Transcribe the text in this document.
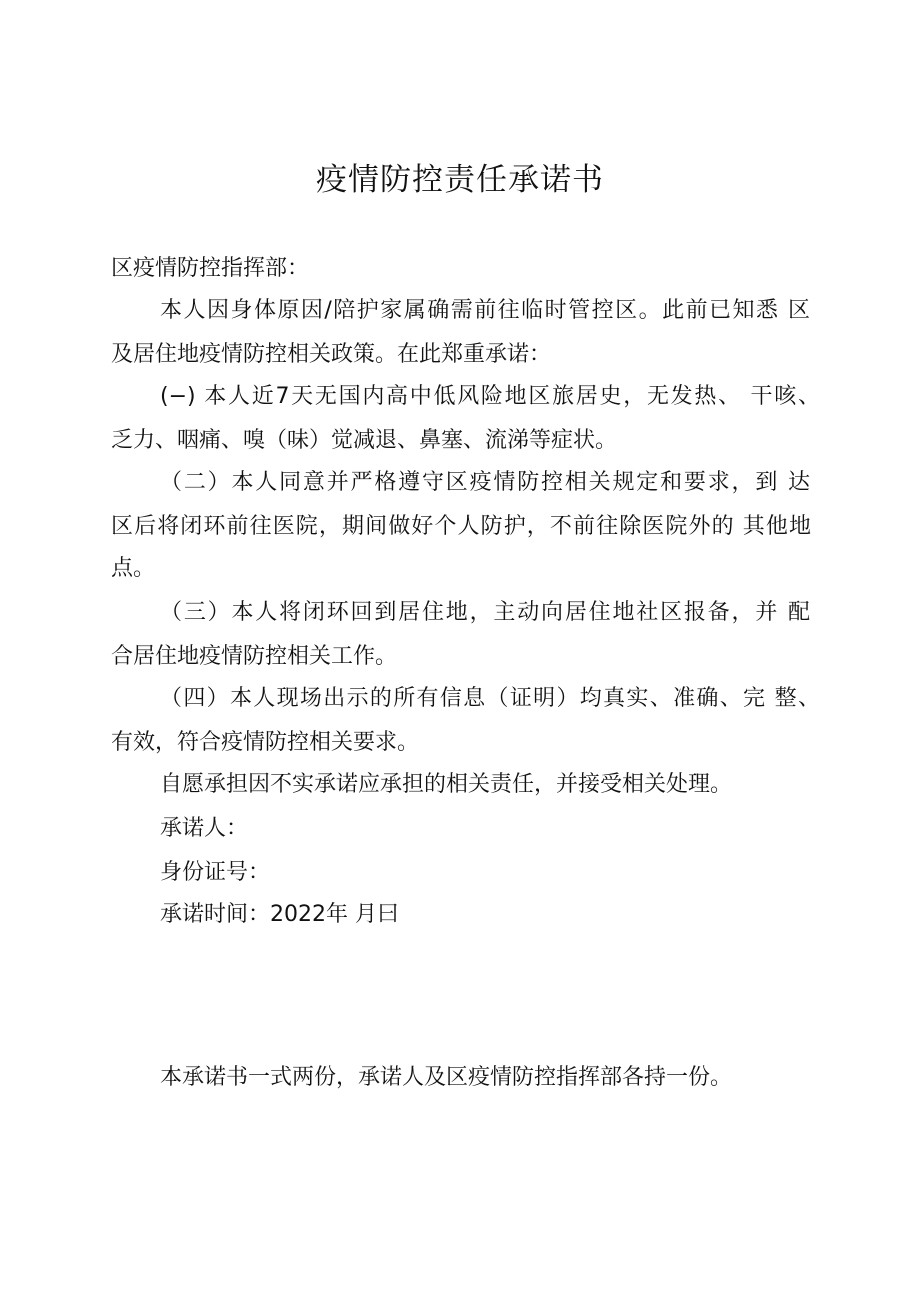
疫情防控责任承诺书
区疫情防控指挥部：
本人因身体原因/陪护家属确需前往临时管控区。此前已知悉 区
及居住地疫情防控相关政策。在此郑重承诺：
(−) 本人近7天无国内高中低风险地区旅居史，无发热、 干咳、
乏力、咽痛、嗅（味）觉减退、鼻塞、流涕等症状。
（二）本人同意并严格遵守区疫情防控相关规定和要求，到 达
区后将闭环前往医院，期间做好个人防护，不前往除医院外的 其他地
点。
（三）本人将闭环回到居住地，主动向居住地社区报备，并 配
合居住地疫情防控相关工作。
（四）本人现场出示的所有信息（证明）均真实、准确、完 整、
有效，符合疫情防控相关要求。
自愿承担因不实承诺应承担的相关责任，并接受相关处理。
承诺人：
身份证号：
承诺时间：2022年 月曰
本承诺书一式两份，承诺人及区疫情防控指挥部各持一份。
